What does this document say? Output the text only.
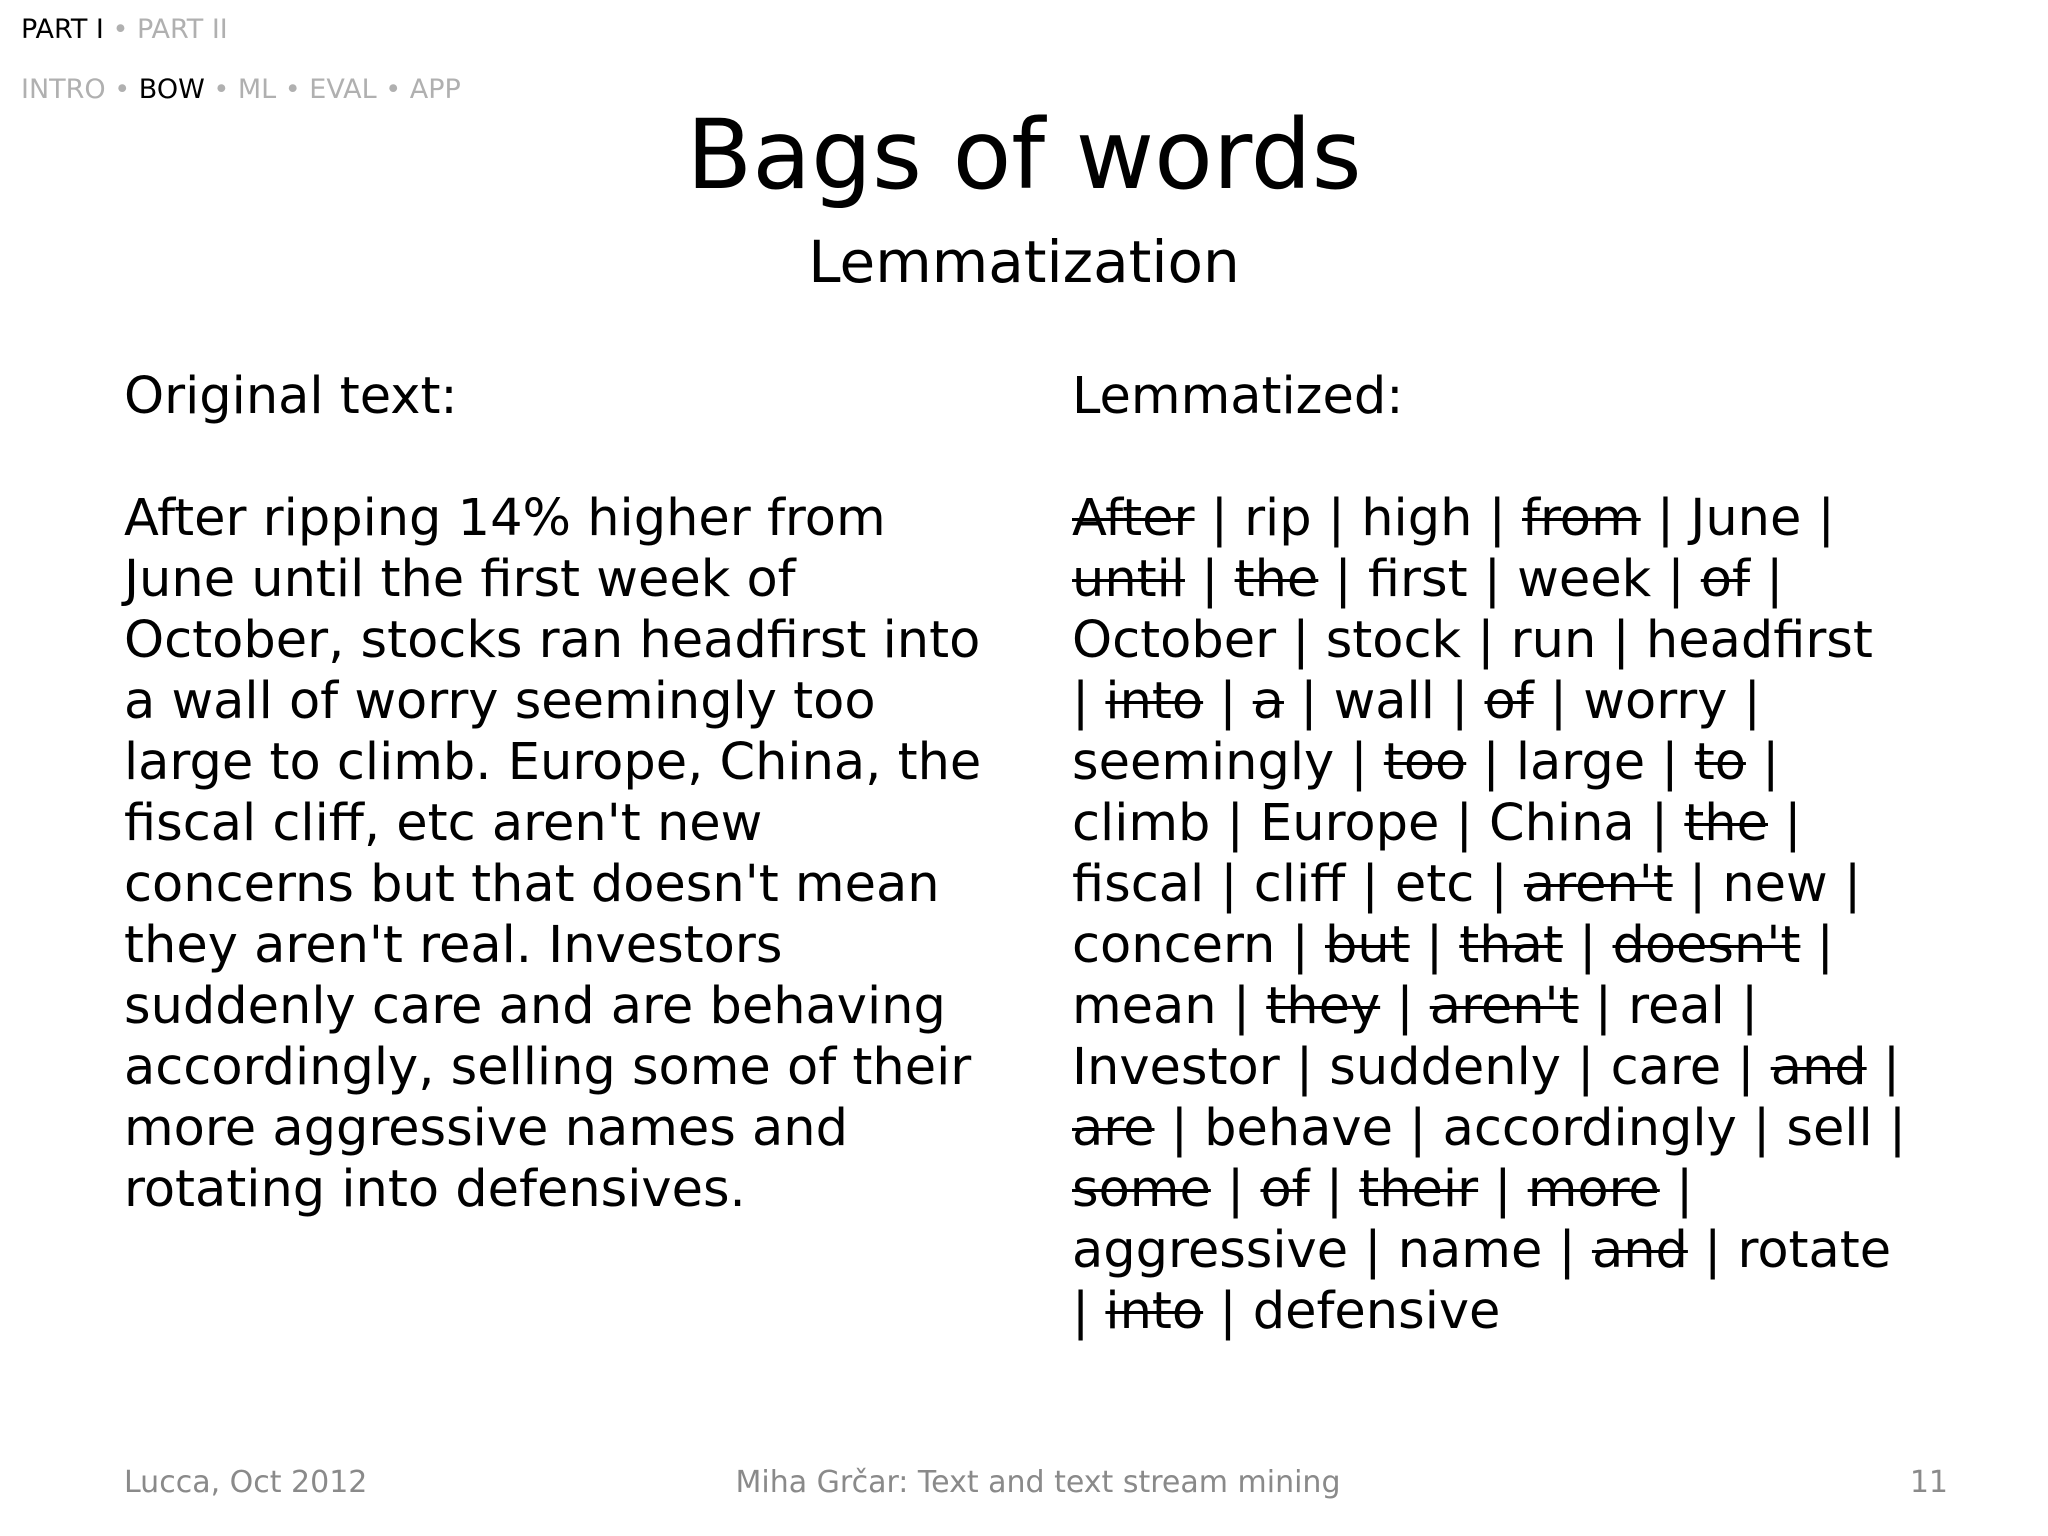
PART I • PART II
INTRO • BOW • ML • EVAL • APP
Bags of words
Lemmatization
Original text:
After ripping 14% higher from
June until the first week of
October, stocks ran headfirst into
a wall of worry seemingly too
large to climb. Europe, China, the
fiscal cliff, etc aren't new
concerns but that doesn't mean
they aren't real. Investors
suddenly care and are behaving
accordingly, selling some of their
more aggressive names and
rotating into defensives.
Lemmatized:
After | rip | high | from | June |
until | the | first | week | of |
October | stock | run | headfirst
| into | a | wall | of | worry |
seemingly | too | large | to |
climb | Europe | China | the |
fiscal | cliff | etc | aren't | new |
concern | but | that | doesn't |
mean | they | aren't | real |
Investor | suddenly | care | and |
are | behave | accordingly | sell |
some | of | their | more |
aggressive | name | and | rotate
| into | defensive
Lucca, Oct 2012	Miha Grčar: Text and text stream mining	11
